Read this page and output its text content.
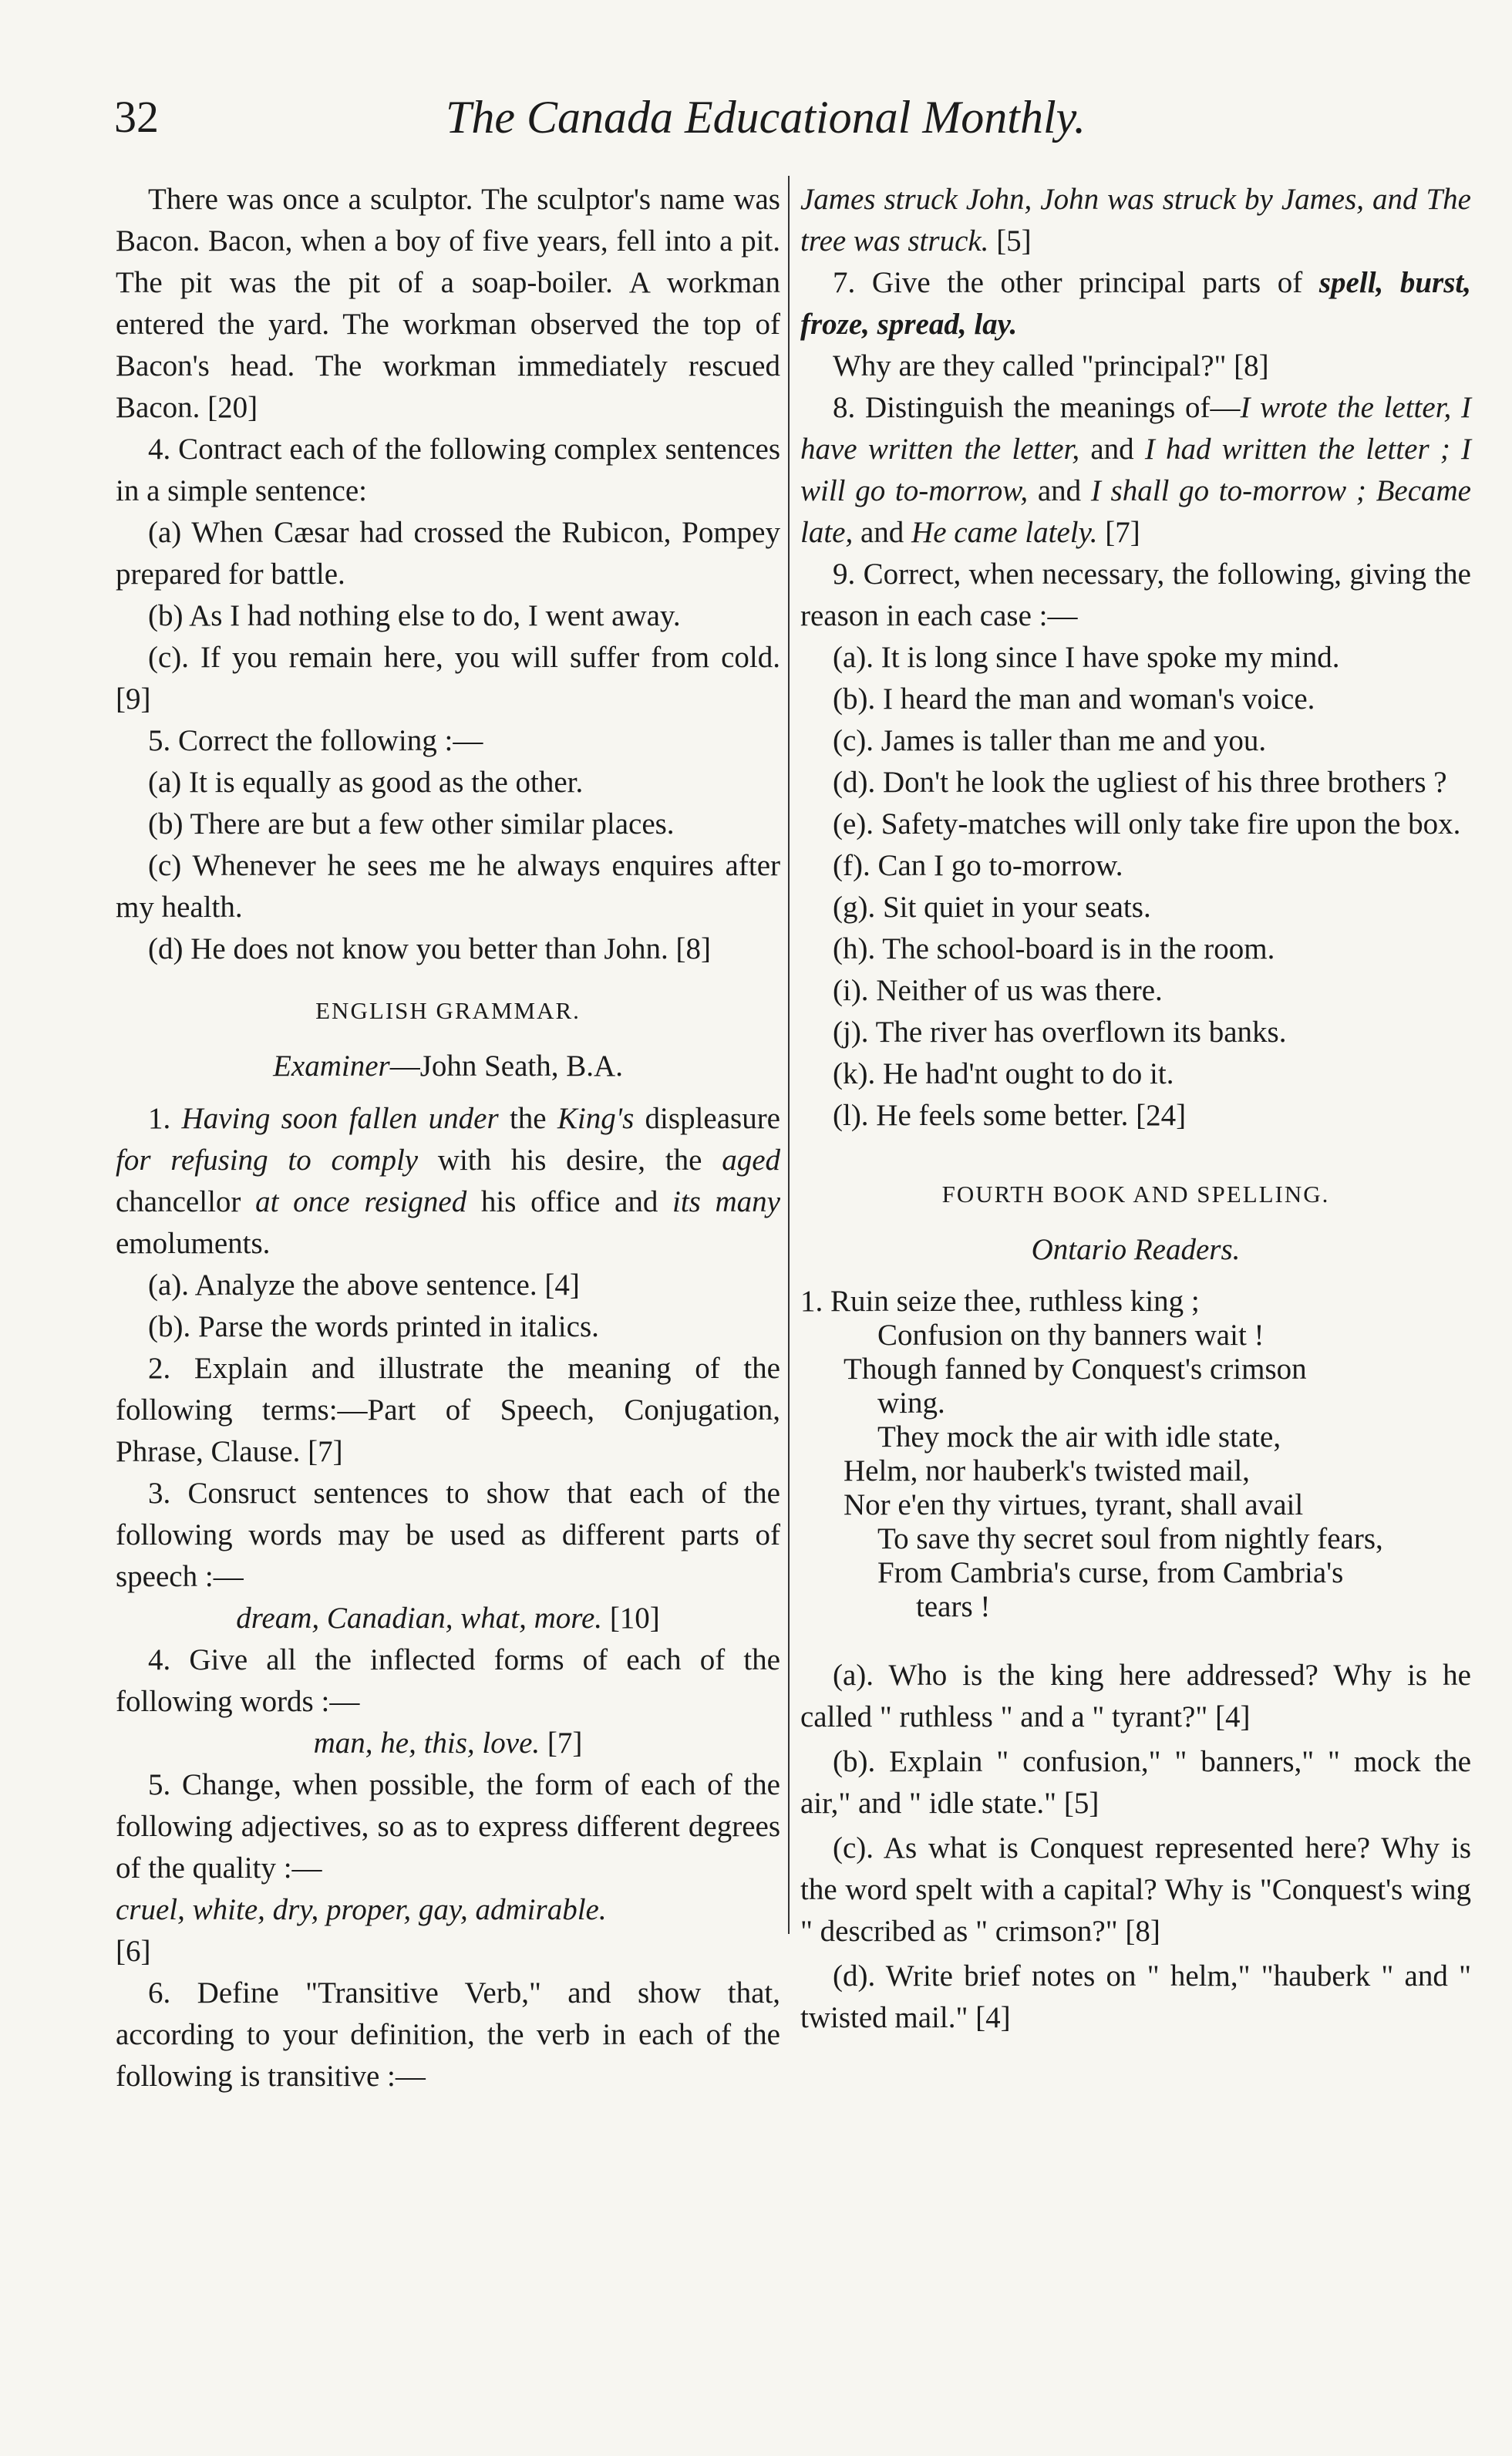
32	The Canada Educational Monthly.

There was once a sculptor. The sculptor's name was Bacon. Bacon, when a boy of five years, fell into a pit. The pit was the pit of a soap-boiler. A workman entered the yard. The workman observed the top of Bacon's head. The workman immediately rescued Bacon. [20]

4. Contract each of the following complex sentences in a simple sentence:

(a) When Cæsar had crossed the Rubicon, Pompey prepared for battle.

(b) As I had nothing else to do, I went away.

(c). If you remain here, you will suffer from cold. [9]

5. Correct the following :—

(a) It is equally as good as the other.

(b) There are but a few other similar places.

(c) Whenever he sees me he always enquires after my health.

(d) He does not know you better than John. [8]

ENGLISH GRAMMAR.

Examiner—John Seath, B.A.

1. Having soon fallen under the King's displeasure for refusing to comply with his desire, the aged chancellor at once resigned his office and its many emoluments.

(a). Analyze the above sentence. [4]

(b). Parse the words printed in italics.

2. Explain and illustrate the meaning of the following terms:—Part of Speech, Conjugation, Phrase, Clause. [7]

3. Consruct sentences to show that each of the following words may be used as different parts of speech :—

dream, Canadian, what, more. [10]

4. Give all the inflected forms of each of the following words :—

man, he, this, love. [7]

5. Change, when possible, the form of each of the following adjectives, so as to express different degrees of the quality :—

cruel, white, dry, proper, gay, admirable.

[6]

6. Define "Transitive Verb," and show that, according to your definition, the verb in each of the following is transitive :—

James struck John, John was struck by James, and The tree was struck. [5]

7. Give the other principal parts of spell, burst, froze, spread, lay.

Why are they called "principal?" [8]

8. Distinguish the meanings of—I wrote the letter, I have written the letter, and I had written the letter ; I will go to-morrow, and I shall go to-morrow ; Became late, and He came lately. [7]

9. Correct, when necessary, the following, giving the reason in each case :—

(a). It is long since I have spoke my mind.

(b). I heard the man and woman's voice.

(c). James is taller than me and you.

(d). Don't he look the ugliest of his three brothers ?

(e). Safety-matches will only take fire upon the box.

(f). Can I go to-morrow.

(g). Sit quiet in your seats.

(h). The school-board is in the room.

(i). Neither of us was there.

(j). The river has overflown its banks.

(k). He had'nt ought to do it.

(l). He feels some better. [24]

FOURTH BOOK AND SPELLING.

Ontario Readers.

1. Ruin seize thee, ruthless king ;

Confusion on thy banners wait !

Though fanned by Conquest's crimson

wing.

They mock the air with idle state,

Helm, nor hauberk's twisted mail,

Nor e'en thy virtues, tyrant, shall avail

To save thy secret soul from nightly fears,

From Cambria's curse, from Cambria's

tears !

(a). Who is the king here addressed? Why is he called " ruthless " and a " tyrant?" [4]

(b). Explain " confusion," " banners," " mock the air," and " idle state." [5]

(c). As what is Conquest represented here? Why is the word spelt with a capital? Why is "Conquest's wing " described as " crimson?" [8]

(d). Write brief notes on " helm," "hauberk " and " twisted mail." [4]
